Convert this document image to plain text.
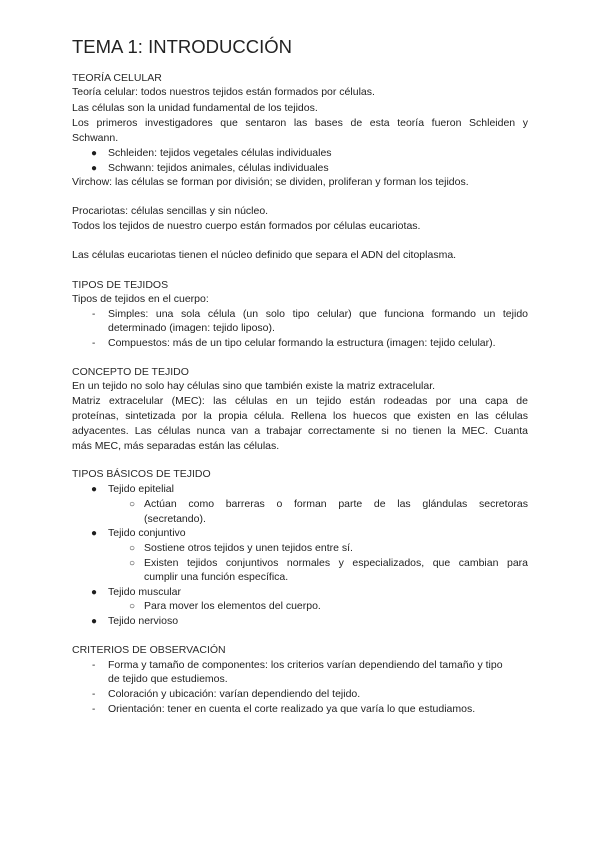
TEMA 1: INTRODUCCIÓN
TEORÍA CELULAR
Teoría celular: todos nuestros tejidos están formados por células.
Las células son la unidad fundamental de los tejidos.
Los primeros investigadores que sentaron las bases de esta teoría fueron Schleiden y
Schwann.
● Schleiden: tejidos vegetales células individuales
● Schwann: tejidos animales, células individuales
Virchow: las células se forman por división; se dividen, proliferan y forman los tejidos.
Procariotas: células sencillas y sin núcleo.
Todos los tejidos de nuestro cuerpo están formados por células eucariotas.
Las células eucariotas tienen el núcleo definido que separa el ADN del citoplasma.
TIPOS DE TEJIDOS
Tipos de tejidos en el cuerpo:
- Simples: una sola célula (un solo tipo celular) que funciona formando un tejido
determinado (imagen: tejido liposo).
- Compuestos: más de un tipo celular formando la estructura (imagen: tejido celular).
CONCEPTO DE TEJIDO
En un tejido no solo hay células sino que también existe la matriz extracelular.
Matriz extracelular (MEC): las células en un tejido están rodeadas por una capa de
proteínas, sintetizada por la propia célula. Rellena los huecos que existen en las células
adyacentes. Las células nunca van a trabajar correctamente si no tienen la MEC. Cuanta
más MEC, más separadas están las células.
TIPOS BÁSICOS DE TEJIDO
● Tejido epitelial
○ Actúan como barreras o forman parte de las glándulas secretoras
(secretando).
● Tejido conjuntivo
○ Sostiene otros tejidos y unen tejidos entre sí.
○ Existen tejidos conjuntivos normales y especializados, que cambian para
cumplir una función específica.
● Tejido muscular
○ Para mover los elementos del cuerpo.
● Tejido nervioso
CRITERIOS DE OBSERVACIÓN
- Forma y tamaño de componentes: los criterios varían dependiendo del tamaño y tipo
de tejido que estudiemos.
- Coloración y ubicación: varían dependiendo del tejido.
- Orientación: tener en cuenta el corte realizado ya que varía lo que estudiamos.
